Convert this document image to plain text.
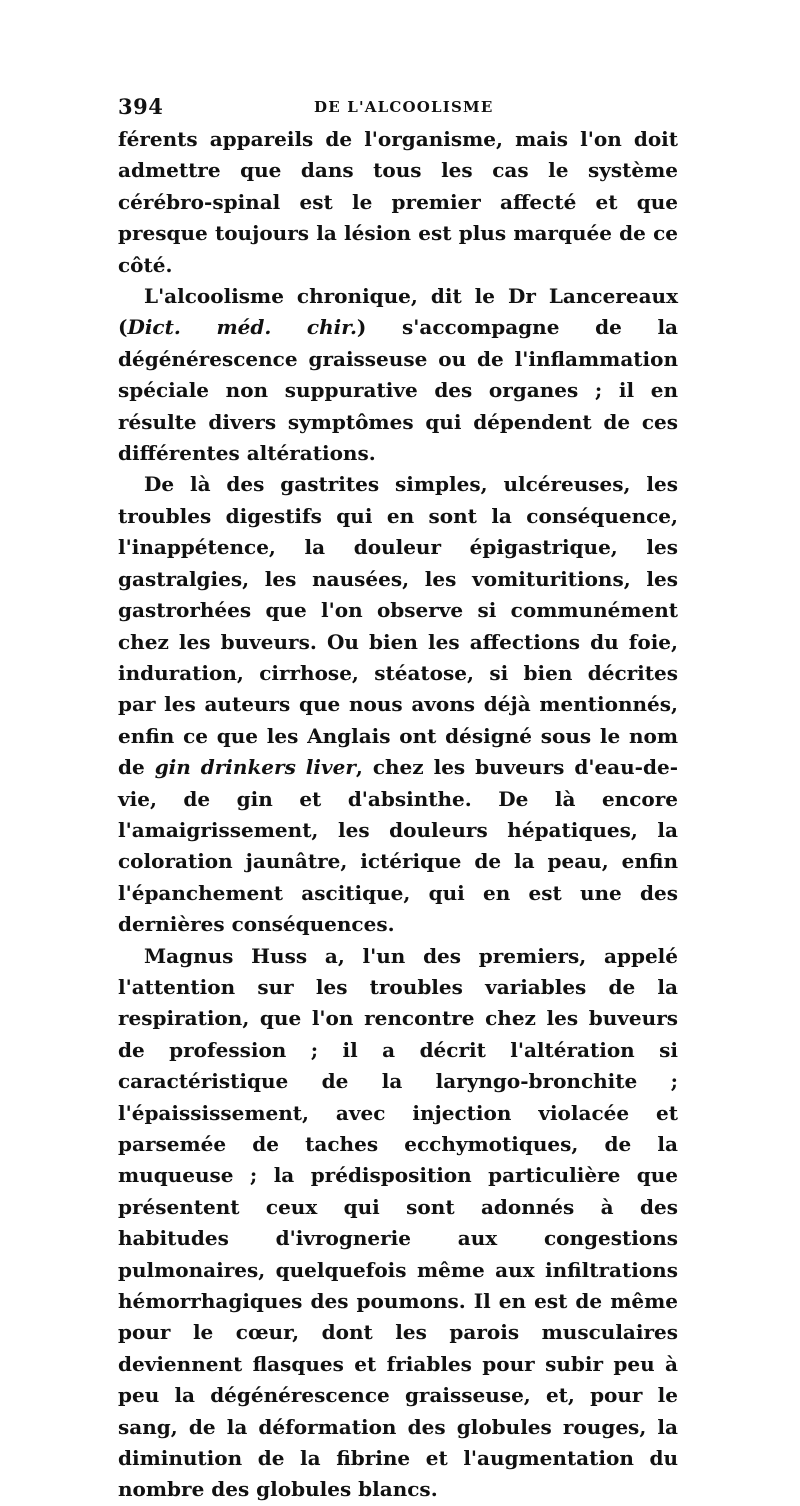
394	DE L'ALCOOLISME

férents appareils de l'organisme, mais l'on doit admettre que dans tous les cas le système cérébro-spinal est le premier affecté et que presque toujours la lésion est plus marquée de ce côté.

L'alcoolisme chronique, dit le Dr Lancereaux (Dict. méd. chir.) s'accompagne de la dégénérescence graisseuse ou de l'inflammation spéciale non suppurative des organes ; il en résulte divers symptômes qui dépendent de ces différentes altérations.

De là des gastrites simples, ulcéreuses, les troubles digestifs qui en sont la conséquence, l'inappétence, la douleur épigastrique, les gastralgies, les nausées, les vomituritions, les gastrorhées que l'on observe si communément chez les buveurs. Ou bien les affections du foie, induration, cirrhose, stéatose, si bien décrites par les auteurs que nous avons déjà mentionnés, enfin ce que les Anglais ont désigné sous le nom de gin drinkers liver, chez les buveurs d'eau-de-vie, de gin et d'absinthe. De là encore l'amaigrissement, les douleurs hépatiques, la coloration jaunâtre, ictérique de la peau, enfin l'épanchement ascitique, qui en est une des dernières conséquences.

Magnus Huss a, l'un des premiers, appelé l'attention sur les troubles variables de la respiration, que l'on rencontre chez les buveurs de profession ; il a décrit l'altération si caractéristique de la laryngo-bronchite ; l'épaississement, avec injection violacée et parsemée de taches ecchymotiques, de la muqueuse ; la prédisposition particulière que présentent ceux qui sont adonnés à des habitudes d'ivrognerie aux congestions pulmonaires, quelquefois même aux infiltrations hémorrhagiques des poumons. Il en est de même pour le cœur, dont les parois musculaires deviennent flasques et friables pour subir peu à peu la dégénérescence graisseuse, et, pour le sang, de la déformation des globules rouges, la diminution de la fibrine et l'augmentation du nombre des globules blancs.
